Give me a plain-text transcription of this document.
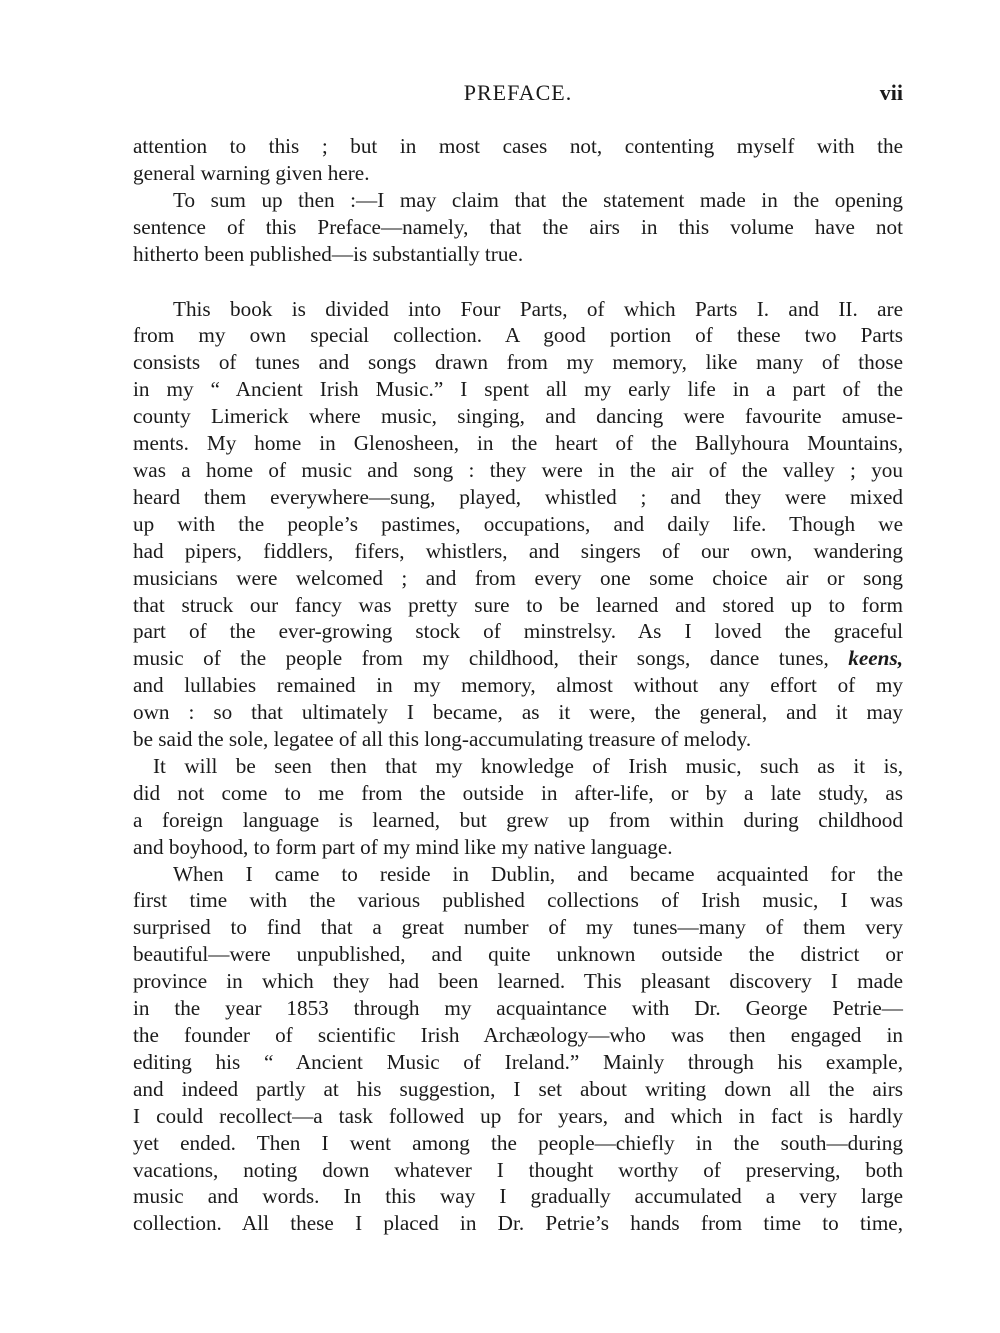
PREFACE.	vii

attention to this ; but in most cases not, contenting myself with the
general warning given here.

To sum up then :—I may claim that the statement made in the opening
sentence of this Preface—namely, that the airs in this volume have not
hitherto been published—is substantially true.

This book is divided into Four Parts, of which Parts I. and II. are
from my own special collection. A good portion of these two Parts
consists of tunes and songs drawn from my memory, like many of those
in my “ Ancient Irish Music.” I spent all my early life in a part of the
county Limerick where music, singing, and dancing were favourite amuse-
ments. My home in Glenosheen, in the heart of the Ballyhoura Mountains,
was a home of music and song : they were in the air of the valley ; you
heard them everywhere—sung, played, whistled ; and they were mixed
up with the people’s pastimes, occupations, and daily life. Though we
had pipers, fiddlers, fifers, whistlers, and singers of our own, wandering
musicians were welcomed ; and from every one some choice air or song
that struck our fancy was pretty sure to be learned and stored up to form
part of the ever-growing stock of minstrelsy. As I loved the graceful
music of the people from my childhood, their songs, dance tunes, keens,
and lullabies remained in my memory, almost without any effort of my
own : so that ultimately I became, as it were, the general, and it may
be said the sole, legatee of all this long-accumulating treasure of melody.

It will be seen then that my knowledge of Irish music, such as it is,
did not come to me from the outside in after-life, or by a late study, as
a foreign language is learned, but grew up from within during childhood
and boyhood, to form part of my mind like my native language.

When I came to reside in Dublin, and became acquainted for the
first time with the various published collections of Irish music, I was
surprised to find that a great number of my tunes—many of them very
beautiful—were unpublished, and quite unknown outside the district or
province in which they had been learned. This pleasant discovery I made
in the year 1853 through my acquaintance with Dr. George Petrie—
the founder of scientific Irish Archæology—who was then engaged in
editing his “ Ancient Music of Ireland.” Mainly through his example,
and indeed partly at his suggestion, I set about writing down all the airs
I could recollect—a task followed up for years, and which in fact is hardly
yet ended. Then I went among the people—chiefly in the south—during
vacations, noting down whatever I thought worthy of preserving, both
music and words. In this way I gradually accumulated a very large
collection. All these I placed in Dr. Petrie’s hands from time to time,
